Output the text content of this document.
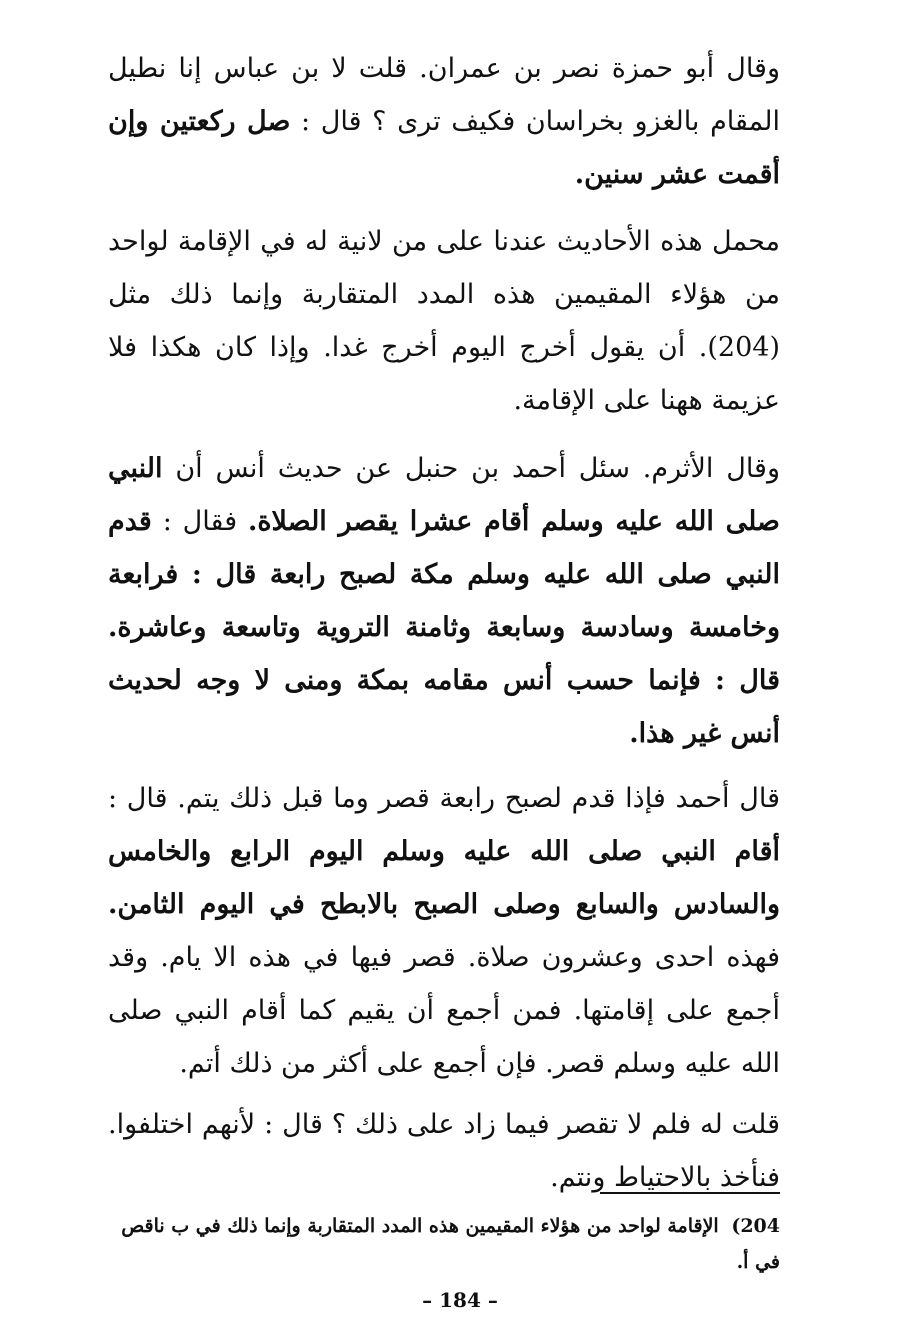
وقال أبو حمزة نصر بن عمران. قلت لا بن عباس إنا نطيل المقام بالغزو بخراسان فكيف ترى ؟ قال : صل ركعتين وإن أقمت عشر سنين.

محمل هذه الأحاديث عندنا على من لانية له في الإقامة لواحد من هؤلاء المقيمين هذه المدد المتقاربة وإنما ذلك مثل (204). أن يقول أخرج اليوم أخرج غدا. وإذا كان هكذا فلا عزيمة ههنا على الإقامة.

وقال الأثرم. سئل أحمد بن حنبل عن حديث أنس أن النبي صلى الله عليه وسلم أقام عشرا يقصر الصلاة. فقال : قدم النبي صلى الله عليه وسلم مكة لصبح رابعة قال : فرابعة وخامسة وسادسة وسابعة وثامنة التروية وتاسعة وعاشرة. قال : فإنما حسب أنس مقامه بمكة ومنى لا وجه لحديث أنس غير هذا.

قال أحمد فإذا قدم لصبح رابعة قصر وما قبل ذلك يتم. قال : أقام النبي صلى الله عليه وسلم اليوم الرابع والخامس والسادس والسابع وصلى الصبح بالابطح في اليوم الثامن. فهذه احدى وعشرون صلاة. قصر فيها في هذه الا يام. وقد أجمع على إقامتها. فمن أجمع أن يقيم كما أقام النبي صلى الله عليه وسلم قصر. فإن أجمع على أكثر من ذلك أتم.

قلت له فلم لا تقصر فيما زاد على ذلك ؟ قال : لأنهم اختلفوا. فنأخذ بالاحتياط ونتم.

204) الإقامة لواحد من هؤلاء المقيمين هذه المدد المتقاربة وإنما ذلك في ب ناقص في أ.

– 184 –
